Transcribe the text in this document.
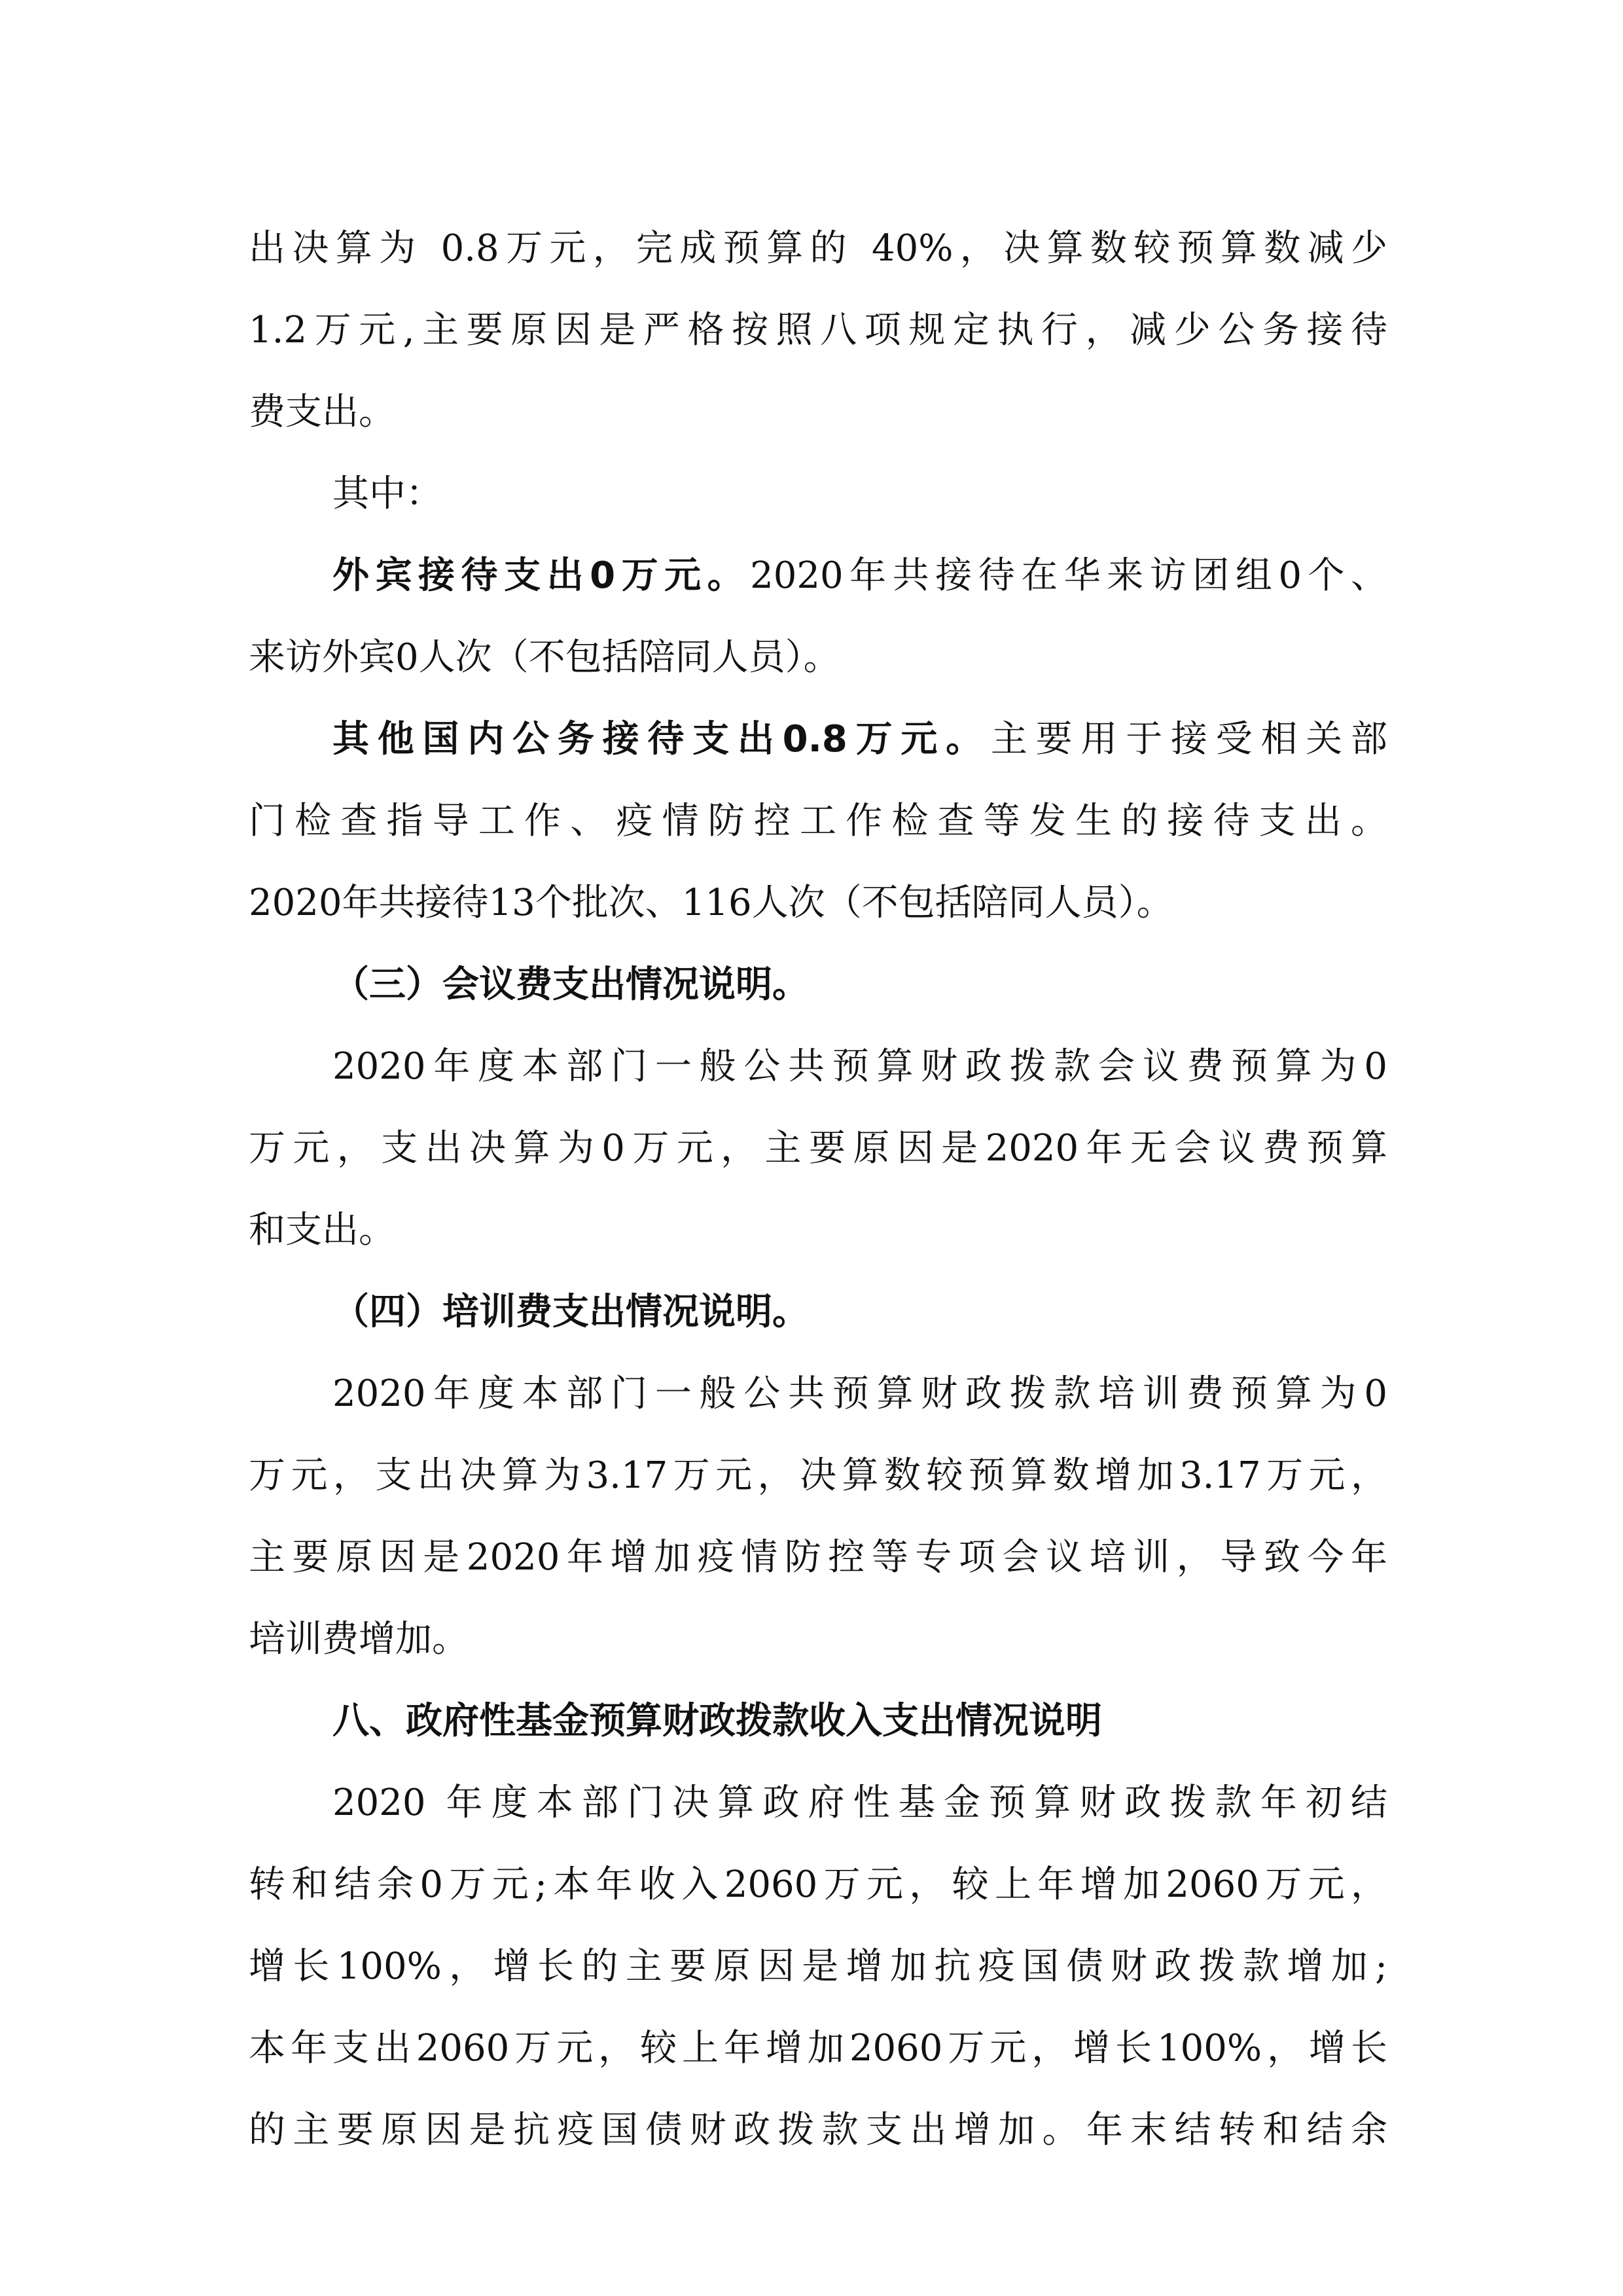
出决算为 0.8万元，完成预算的 40%，决算数较预算数减少
1.2万元,主要原因是严格按照八项规定执行，减少公务接待
费支出。
其中：
外宾接待支出0万元。2020年共接待在华来访团组0个、
来访外宾0人次（不包括陪同人员）。
其他国内公务接待支出0.8万元。主要用于接受相关部
门检查指导工作、疫情防控工作检查等发生的接待支出。
2020年共接待13个批次、116人次（不包括陪同人员）。
（三）会议费支出情况说明。
2020年度本部门一般公共预算财政拨款会议费预算为0
万元，支出决算为0万元，主要原因是2020年无会议费预算
和支出。
（四）培训费支出情况说明。
2020年度本部门一般公共预算财政拨款培训费预算为0
万元，支出决算为3.17万元，决算数较预算数增加3.17万元，
主要原因是2020年增加疫情防控等专项会议培训，导致今年
培训费增加。
八、政府性基金预算财政拨款收入支出情况说明
2020 年度本部门决算政府性基金预算财政拨款年初结
转和结余0万元;本年收入2060万元，较上年增加2060万元，
增长100%，增长的主要原因是增加抗疫国债财政拨款增加;
本年支出2060万元，较上年增加2060万元，增长100%，增长
的主要原因是抗疫国债财政拨款支出增加。年末结转和结余
